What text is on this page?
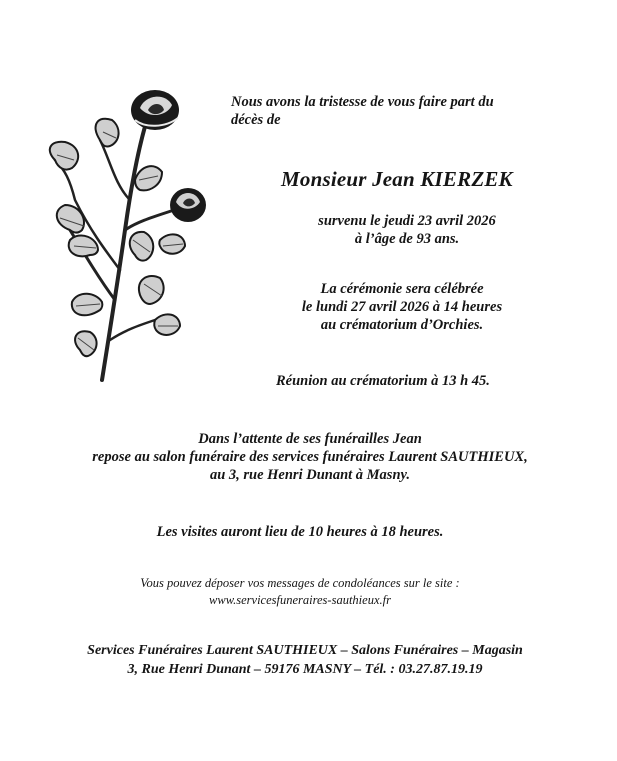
Nous avons la tristesse de vous faire part du
décès de
Monsieur Jean KIERZEK
survenu le jeudi 23 avril 2026
à l’âge de 93 ans.
La cérémonie sera célébrée
le lundi 27 avril 2026 à 14 heures
au crématorium d’Orchies.
Réunion au crématorium à 13 h 45.
Dans l’attente de ses funérailles Jean
repose au salon funéraire des services funéraires Laurent SAUTHIEUX,
au 3, rue Henri Dunant à Masny.
Les visites auront lieu de 10 heures à 18 heures.
Vous pouvez déposer vos messages de condoléances sur le site :
www.servicesfuneraires-sauthieux.fr
Services Funéraires Laurent SAUTHIEUX – Salons Funéraires – Magasin
3, Rue Henri Dunant – 59176 MASNY – Tél. : 03.27.87.19.19
